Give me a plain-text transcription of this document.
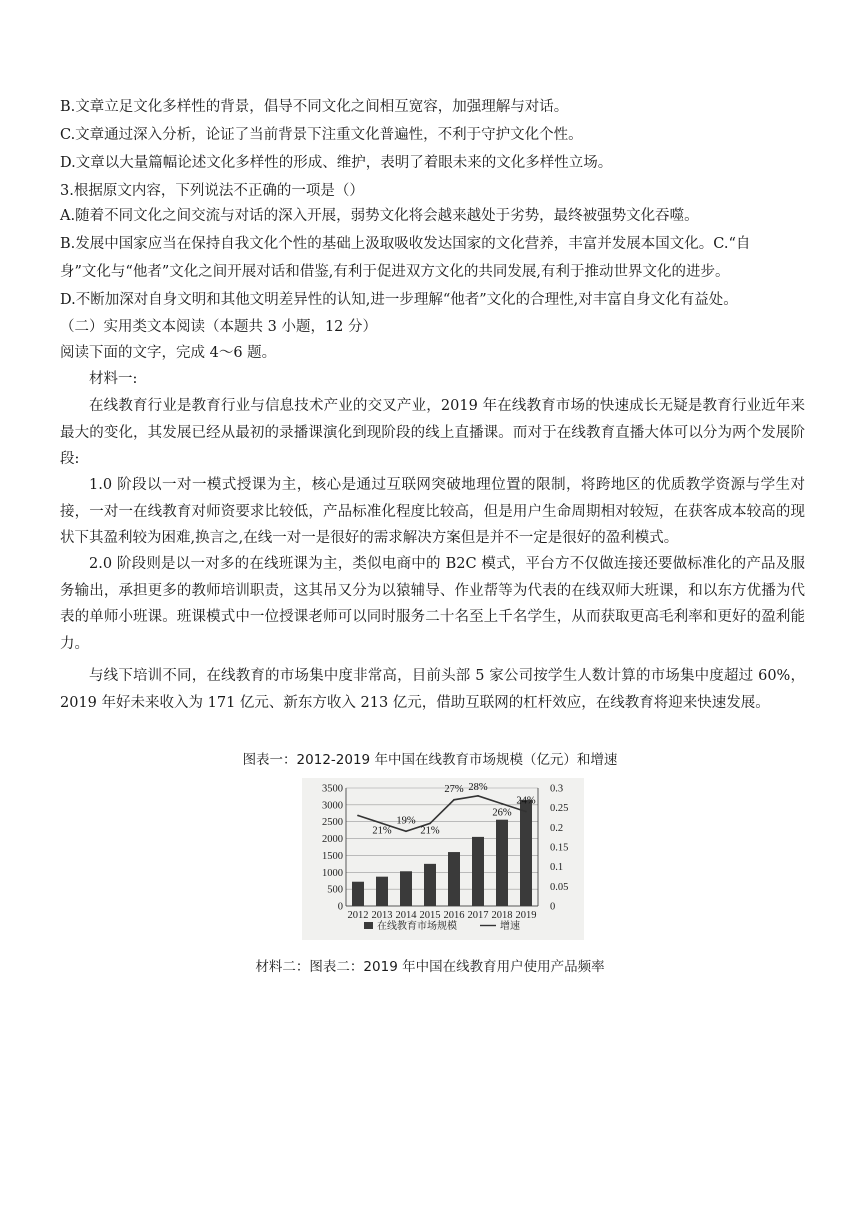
B.文章立足文化多样性的背景，倡导不同文化之间相互宽容，加强理解与对话。
C.文章通过深入分析，论证了当前背景下注重文化普遍性，不利于守护文化个性。
D.文章以大量篇幅论述文化多样性的形成、维护，表明了着眼未来的文化多样性立场。
3.根据原文内容，下列说法不正确的一项是（）
A.随着不同文化之间交流与对话的深入开展，弱势文化将会越来越处于劣势，最终被强势文化吞噬。
B.发展中国家应当在保持自我文化个性的基础上汲取吸收发达国家的文化营养，丰富并发展本国文化。C.“自
身”文化与“他者”文化之间开展对话和借鉴,有利于促进双方文化的共同发展,有利于推动世界文化的进步。
D.不断加深对自身文明和其他文明差异性的认知,进一步理解“他者”文化的合理性,对丰富自身文化有益处。
（二）实用类文本阅读（本题共 3 小题，12 分）
阅读下面的文字，完成 4～6 题。
材料一:
在线教育行业是教育行业与信息技术产业的交叉产业，2019 年在线教育市场的快速成长无疑是教育行业近年来最大的变化，其发展已经从最初的录播课演化到现阶段的线上直播课。而对于在线教育直播大体可以分为两个发展阶段:
1.0 阶段以一对一模式授课为主，核心是通过互联网突破地理位置的限制，将跨地区的优质教学资源与学生对接，一对一在线教育对师资要求比较低，产品标准化程度比较高，但是用户生命周期相对较短，在获客成本较高的现状下其盈利较为困难,换言之,在线一对一是很好的需求解决方案但是并不一定是很好的盈利模式。
2.0 阶段则是以一对多的在线班课为主，类似电商中的 B2C 模式，平台方不仅做连接还要做标准化的产品及服务输出，承担更多的教师培训职责，这其吊又分为以猿辅导、作业帮等为代表的在线双师大班课，和以东方优播为代表的单师小班课。班课模式中一位授课老师可以同时服务二十名至上千名学生，从而获取更高毛利率和更好的盈利能力。
与线下培训不同，在线教育的市场集中度非常高，目前头部 5 家公司按学生人数计算的市场集中度超过 60%，2019 年好未来收入为 171 亿元、新东方收入 213 亿元，借助互联网的杠杆效应，在线教育将迎来快速发展。
图表一：2012-2019 年中国在线教育市场规模（亿元）和增速
3500
3000
2500
2000
1500
1000
500
0
0.3
0.25
0.2
0.15
0.1
0.05
0
2012 2013 2014 2015 2016 2017 2018 2019
21%
19%
21%
27% 28%
26%
24%
在线教育市场规模	增速
材料二：图表二：2019 年中国在线教育用户使用产品频率
